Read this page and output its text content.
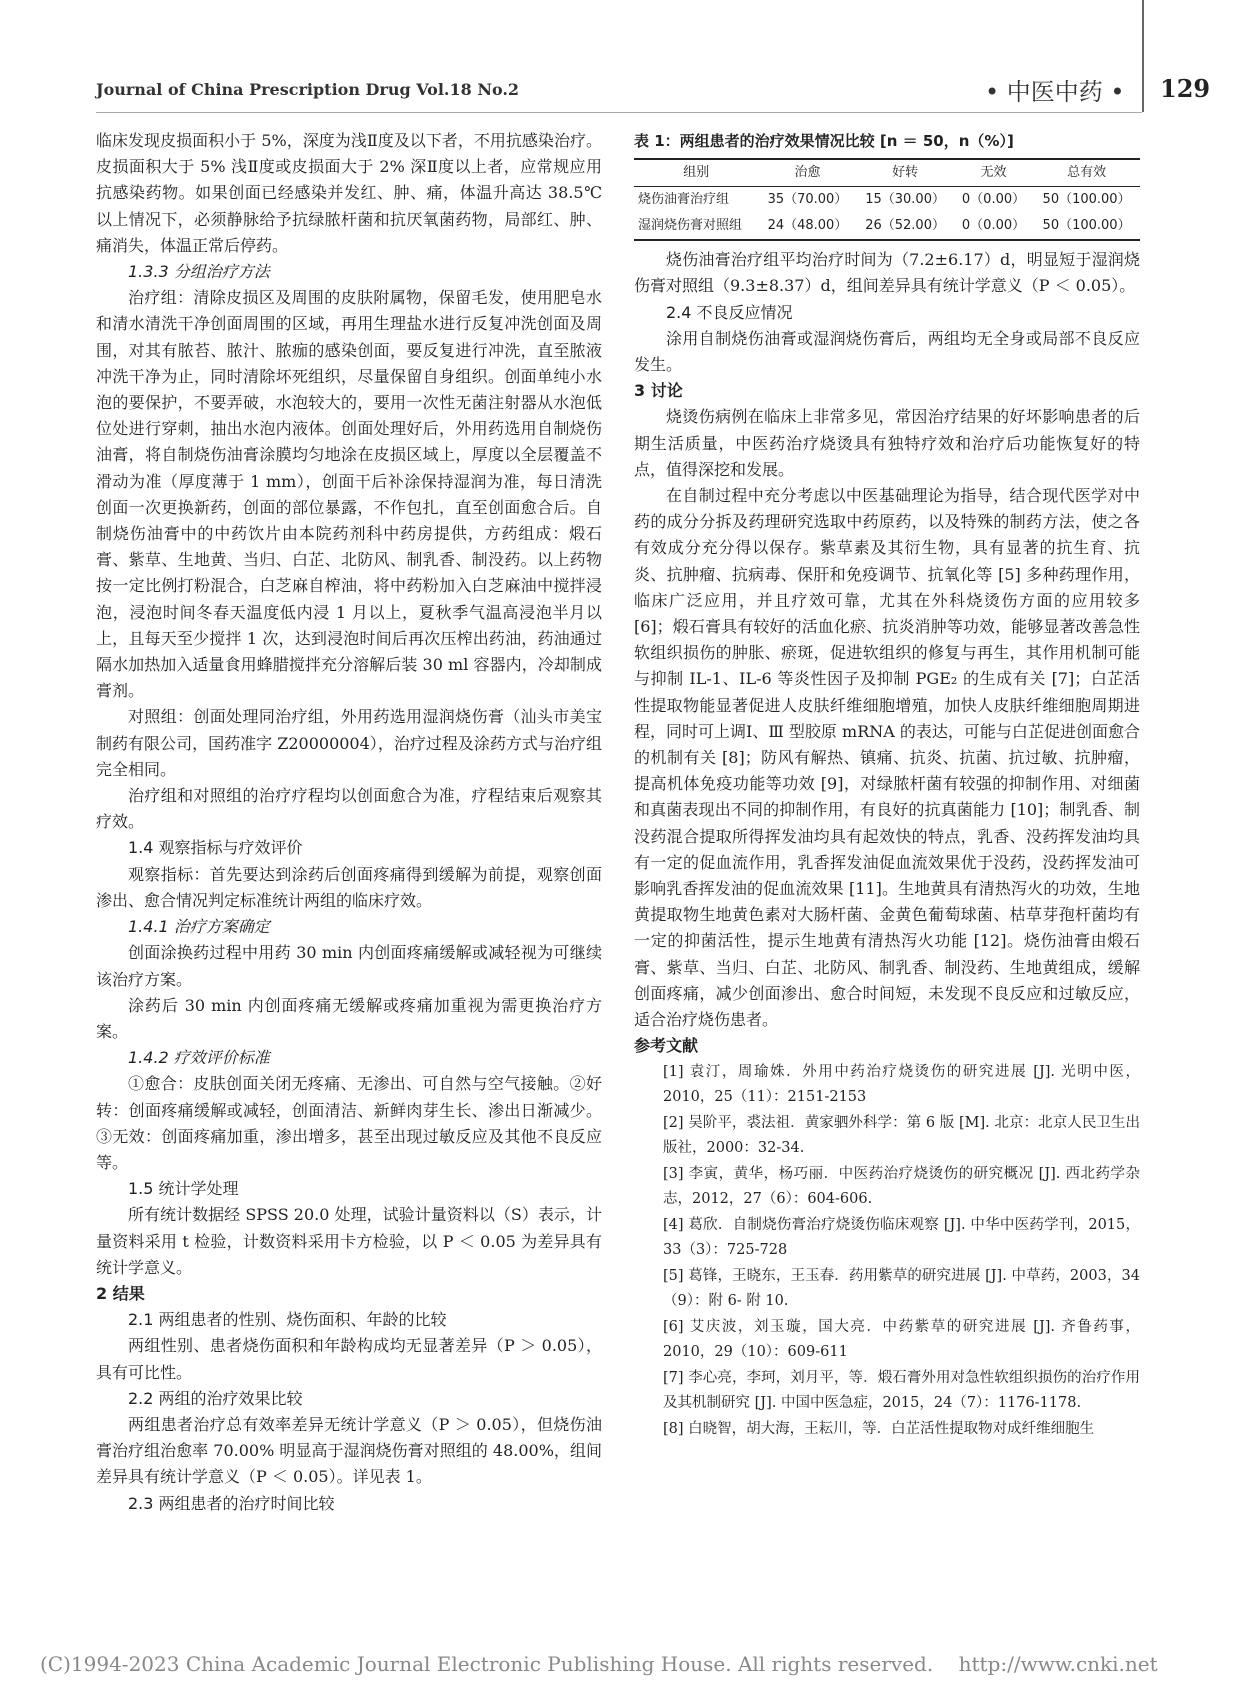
Journal of China Prescription Drug Vol.18 No.2	• 中医中药 • 129

临床发现皮损面积小于 5%，深度为浅Ⅱ度及以下者，不用抗感染治疗。皮损面积大于 5% 浅Ⅱ度或皮损面大于 2% 深Ⅱ度以上者，应常规应用抗感染药物。如果创面已经感染并发红、肿、痛，体温升高达 38.5℃以上情况下，必须静脉给予抗绿脓杆菌和抗厌氧菌药物，局部红、肿、痛消失，体温正常后停药。

1.3.3 分组治疗方法

治疗组：清除皮损区及周围的皮肤附属物，保留毛发，使用肥皂水和清水清洗干净创面周围的区域，再用生理盐水进行反复冲洗创面及周围，对其有脓苔、脓汁、脓痂的感染创面，要反复进行冲洗，直至脓液冲洗干净为止，同时清除坏死组织，尽量保留自身组织。创面单纯小水泡的要保护，不要弄破，水泡较大的，要用一次性无菌注射器从水泡低位处进行穿刺，抽出水泡内液体。创面处理好后，外用药选用自制烧伤油膏，将自制烧伤油膏涂膜均匀地涂在皮损区域上，厚度以全层覆盖不滑动为准（厚度薄于 1 mm），创面干后补涂保持湿润为准，每日清洗创面一次更换新药，创面的部位暴露，不作包扎，直至创面愈合后。自制烧伤油膏中的中药饮片由本院药剂科中药房提供，方药组成：煅石膏、紫草、生地黄、当归、白芷、北防风、制乳香、制没药。以上药物按一定比例打粉混合，白芝麻自榨油，将中药粉加入白芝麻油中搅拌浸泡，浸泡时间冬春天温度低内浸 1 月以上，夏秋季气温高浸泡半月以上，且每天至少搅拌 1 次，达到浸泡时间后再次压榨出药油，药油通过隔水加热加入适量食用蜂腊搅拌充分溶解后装 30 ml 容器内，冷却制成膏剂。

对照组：创面处理同治疗组，外用药选用湿润烧伤膏（汕头市美宝制药有限公司，国药准字 Z20000004），治疗过程及涂药方式与治疗组完全相同。

治疗组和对照组的治疗疗程均以创面愈合为准，疗程结束后观察其疗效。

1.4 观察指标与疗效评价

观察指标：首先要达到涂药后创面疼痛得到缓解为前提，观察创面渗出、愈合情况判定标准统计两组的临床疗效。

1.4.1 治疗方案确定

创面涂换药过程中用药 30 min 内创面疼痛缓解或减轻视为可继续该治疗方案。

涂药后 30 min 内创面疼痛无缓解或疼痛加重视为需更换治疗方案。

1.4.2 疗效评价标准

①愈合：皮肤创面关闭无疼痛、无渗出、可自然与空气接触。②好转：创面疼痛缓解或减轻，创面清洁、新鲜肉芽生长、渗出日渐减少。③无效：创面疼痛加重，渗出增多，甚至出现过敏反应及其他不良反应等。

1.5 统计学处理

所有统计数据经 SPSS 20.0 处理，试验计量资料以（S）表示，计量资料采用 t 检验，计数资料采用卡方检验，以 P ＜ 0.05 为差异具有统计学意义。

2 结果

2.1 两组患者的性别、烧伤面积、年龄的比较

两组性别、患者烧伤面积和年龄构成均无显著差异（P ＞ 0.05），具有可比性。

2.2 两组的治疗效果比较

两组患者治疗总有效率差异无统计学意义（P ＞ 0.05），但烧伤油膏治疗组治愈率 70.00% 明显高于湿润烧伤膏对照组的 48.00%，组间差异具有统计学意义（P ＜ 0.05）。详见表 1。

2.3 两组患者的治疗时间比较

表 1：两组患者的治疗效果情况比较 [n ＝ 50，n（%）]

组别	治愈	好转	无效	总有效
烧伤油膏治疗组	35（70.00）	15（30.00）	0（0.00）	50（100.00）
湿润烧伤膏对照组	24（48.00）	26（52.00）	0（0.00）	50（100.00）

烧伤油膏治疗组平均治疗时间为（7.2±6.17）d，明显短于湿润烧伤膏对照组（9.3±8.37）d，组间差异具有统计学意义（P ＜ 0.05）。

2.4 不良反应情况

涂用自制烧伤油膏或湿润烧伤膏后，两组均无全身或局部不良反应发生。

3 讨论

烧烫伤病例在临床上非常多见，常因治疗结果的好坏影响患者的后期生活质量，中医药治疗烧烫具有独特疗效和治疗后功能恢复好的特点，值得深挖和发展。

在自制过程中充分考虑以中医基础理论为指导，结合现代医学对中药的成分分拆及药理研究选取中药原药，以及特殊的制药方法，使之各有效成分充分得以保存。紫草素及其衍生物，具有显著的抗生育、抗炎、抗肿瘤、抗病毒、保肝和免疫调节、抗氧化等 [5] 多种药理作用，临床广泛应用，并且疗效可靠，尤其在外科烧烫伤方面的应用较多 [6]；煅石膏具有较好的活血化瘀、抗炎消肿等功效，能够显著改善急性软组织损伤的肿胀、瘀斑，促进软组织的修复与再生，其作用机制可能与抑制 IL-1、IL-6 等炎性因子及抑制 PGE₂ 的生成有关 [7]；白芷活性提取物能显著促进人皮肤纤维细胞增殖，加快人皮肤纤维细胞周期进程，同时可上调Ⅰ、Ⅲ 型胶原 mRNA 的表达，可能与白芷促进创面愈合的机制有关 [8]；防风有解热、镇痛、抗炎、抗菌、抗过敏、抗肿瘤，提高机体免疫功能等功效 [9]，对绿脓杆菌有较强的抑制作用、对细菌和真菌表现出不同的抑制作用，有良好的抗真菌能力 [10]；制乳香、制没药混合提取所得挥发油均具有起效快的特点，乳香、没药挥发油均具有一定的促血流作用，乳香挥发油促血流效果优于没药，没药挥发油可影响乳香挥发油的促血流效果 [11]。生地黄具有清热泻火的功效，生地黄提取物生地黄色素对大肠杆菌、金黄色葡萄球菌、枯草芽孢杆菌均有一定的抑菌活性，提示生地黄有清热泻火功能 [12]。烧伤油膏由煅石膏、紫草、当归、白芷、北防风、制乳香、制没药、生地黄组成，缓解创面疼痛，减少创面渗出、愈合时间短，未发现不良反应和过敏反应，适合治疗烧伤患者。

参考文献

[1] 袁汀，周瑜姝．外用中药治疗烧烫伤的研究进展 [J]. 光明中医，2010，25（11）：2151-2153

[2] 吴阶平，裘法祖．黄家驷外科学：第 6 版 [M]. 北京：北京人民卫生出版社，2000：32-34.

[3] 李寅，黄华，杨巧丽．中医药治疗烧烫伤的研究概况 [J]. 西北药学杂志，2012，27（6）：604-606.

[4] 葛欣．自制烧伤膏治疗烧烫伤临床观察 [J]. 中华中医药学刊，2015，33（3）：725-728

[5] 葛锋，王晓东，王玉春．药用紫草的研究进展 [J]. 中草药，2003，34（9）：附 6- 附 10.

[6] 艾庆波，刘玉璇，国大亮．中药紫草的研究进展 [J]. 齐鲁药事，2010，29（10）：609-611

[7] 李心亮，李珂，刘月平，等．煅石膏外用对急性软组织损伤的治疗作用及其机制研究 [J]. 中国中医急症，2015，24（7）：1176-1178.

[8] 白晓智，胡大海，王耘川，等．白芷活性提取物对成纤维细胞生

(C)1994-2023 China Academic Journal Electronic Publishing House. All rights reserved.    http://www.cnki.net
